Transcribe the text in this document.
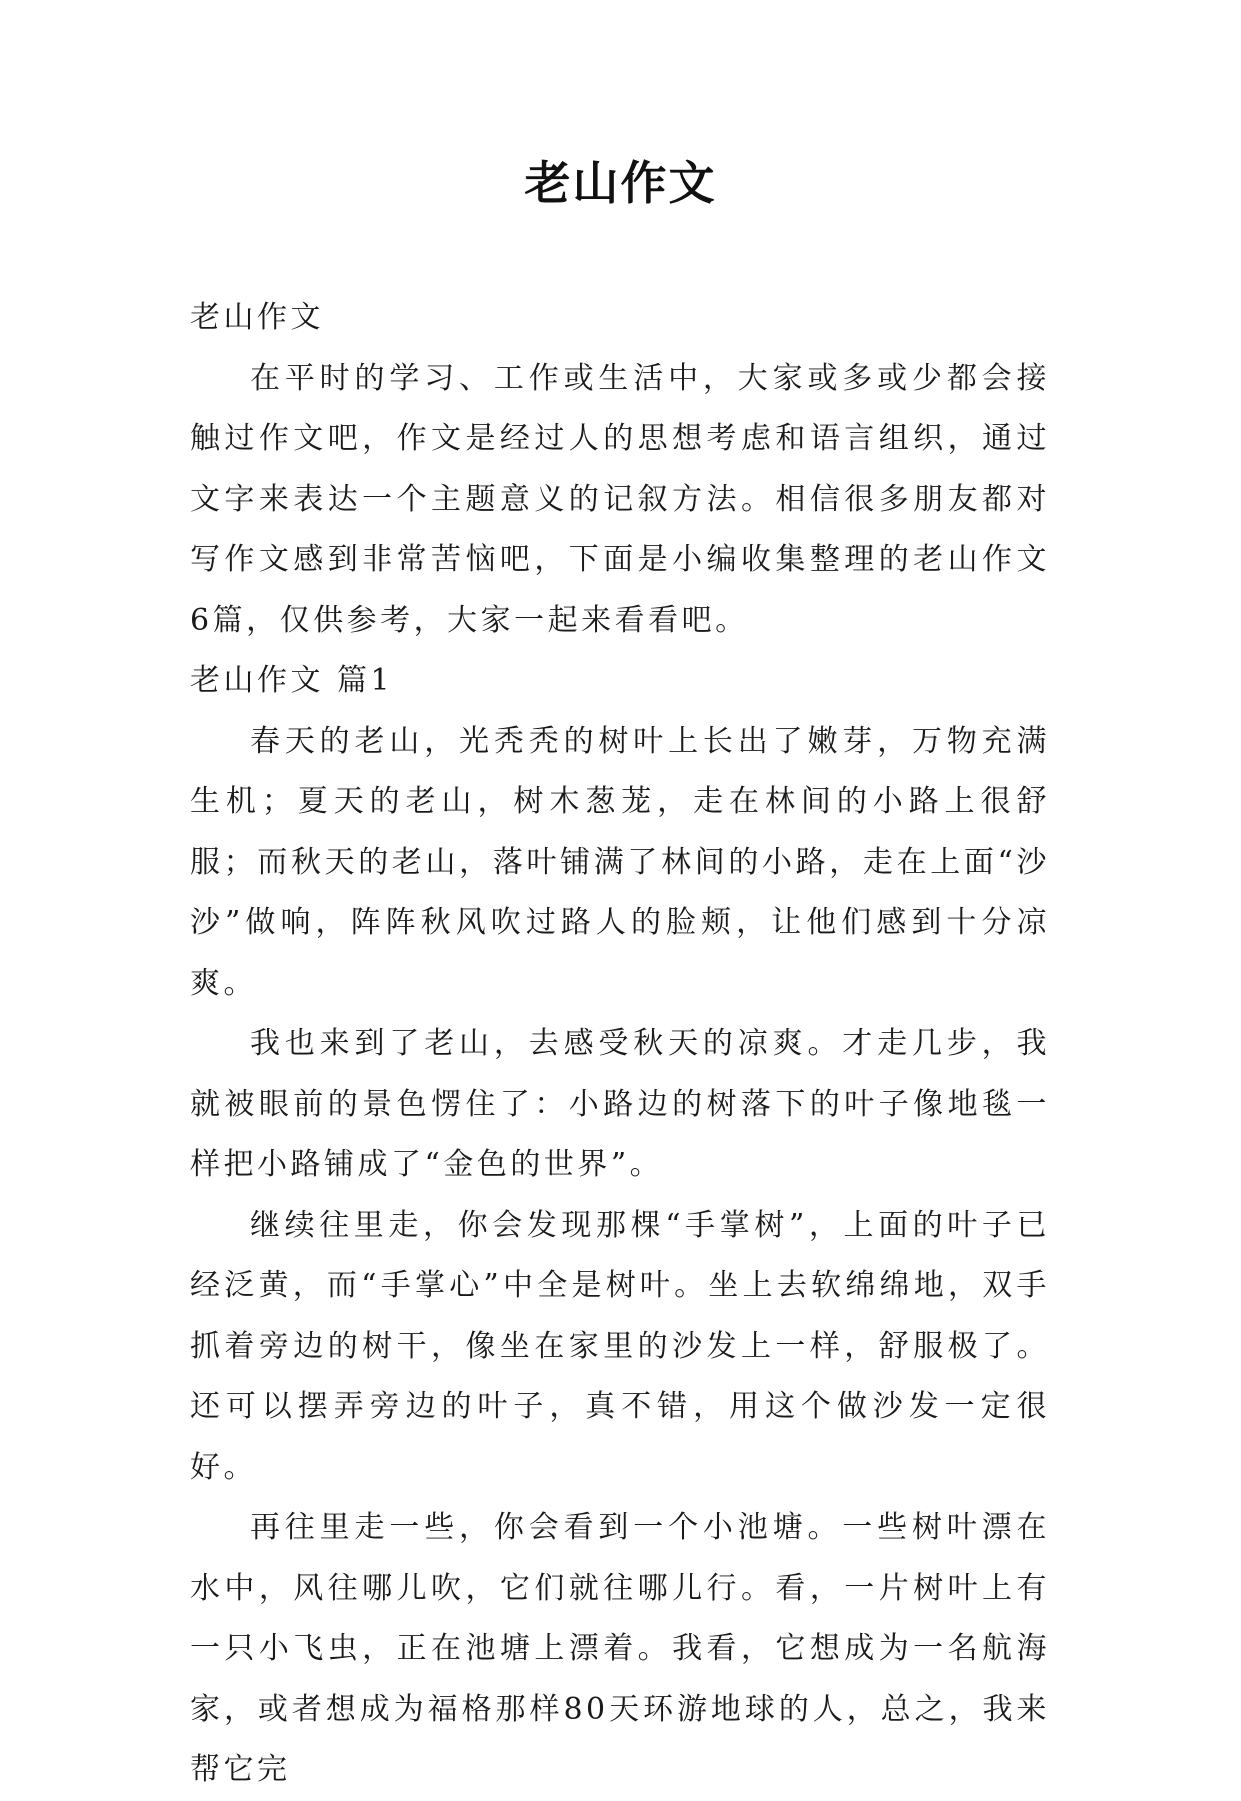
老山作文

老山作文

在平时的学习、工作或生活中，大家或多或少都会接触过作文吧，作文是经过人的思想考虑和语言组织，通过文字来表达一个主题意义的记叙方法。相信很多朋友都对写作文感到非常苦恼吧，下面是小编收集整理的老山作文6篇，仅供参考，大家一起来看看吧。

老山作文 篇1

春天的老山，光秃秃的树叶上长出了嫩芽，万物充满生机；夏天的老山，树木葱茏，走在林间的小路上很舒服；而秋天的老山，落叶铺满了林间的小路，走在上面“沙沙”做响，阵阵秋风吹过路人的脸颊，让他们感到十分凉爽。

我也来到了老山，去感受秋天的凉爽。才走几步，我就被眼前的景色愣住了：小路边的树落下的叶子像地毯一样把小路铺成了“金色的世界”。

继续往里走，你会发现那棵“手掌树”，上面的叶子已经泛黄，而“手掌心”中全是树叶。坐上去软绵绵地，双手抓着旁边的树干，像坐在家里的沙发上一样，舒服极了。还可以摆弄旁边的叶子，真不错，用这个做沙发一定很好。

再往里走一些，你会看到一个小池塘。一些树叶漂在水中，风往哪儿吹，它们就往哪儿行。看，一片树叶上有一只小飞虫，正在池塘上漂着。我看，它想成为一名航海家，或者想成为福格那样80天环游地球的人，总之，我来帮它完
